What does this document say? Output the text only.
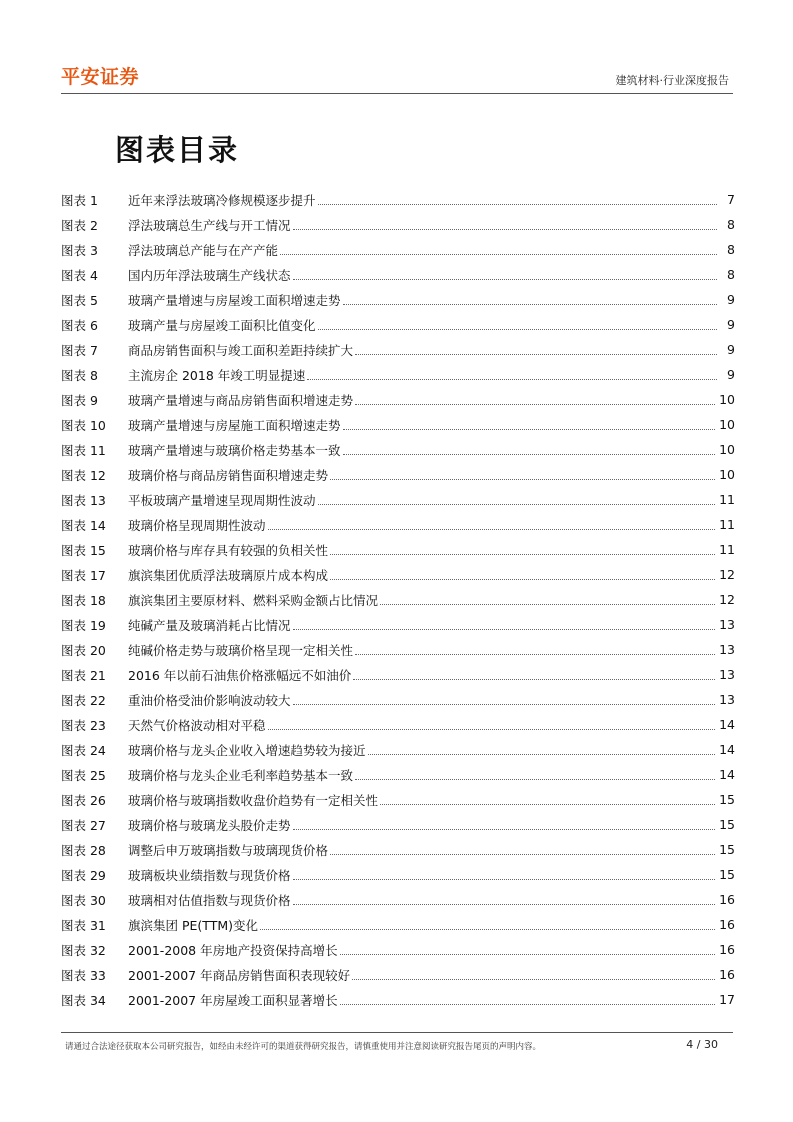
平安证券	建筑材料·行业深度报告
图表目录
图表 1	近年来浮法玻璃冷修规模逐步提升	7
图表 2	浮法玻璃总生产线与开工情况	8
图表 3	浮法玻璃总产能与在产产能	8
图表 4	国内历年浮法玻璃生产线状态	8
图表 5	玻璃产量增速与房屋竣工面积增速走势	9
图表 6	玻璃产量与房屋竣工面积比值变化	9
图表 7	商品房销售面积与竣工面积差距持续扩大	9
图表 8	主流房企 2018 年竣工明显提速	9
图表 9	玻璃产量增速与商品房销售面积增速走势	10
图表 10	玻璃产量增速与房屋施工面积增速走势	10
图表 11	玻璃产量增速与玻璃价格走势基本一致	10
图表 12	玻璃价格与商品房销售面积增速走势	10
图表 13	平板玻璃产量增速呈现周期性波动	11
图表 14	玻璃价格呈现周期性波动	11
图表 15	玻璃价格与库存具有较强的负相关性	11
图表 17	旗滨集团优质浮法玻璃原片成本构成	12
图表 18	旗滨集团主要原材料、燃料采购金额占比情况	12
图表 19	纯碱产量及玻璃消耗占比情况	13
图表 20	纯碱价格走势与玻璃价格呈现一定相关性	13
图表 21	2016 年以前石油焦价格涨幅远不如油价	13
图表 22	重油价格受油价影响波动较大	13
图表 23	天然气价格波动相对平稳	14
图表 24	玻璃价格与龙头企业收入增速趋势较为接近	14
图表 25	玻璃价格与龙头企业毛利率趋势基本一致	14
图表 26	玻璃价格与玻璃指数收盘价趋势有一定相关性	15
图表 27	玻璃价格与玻璃龙头股价走势	15
图表 28	调整后申万玻璃指数与玻璃现货价格	15
图表 29	玻璃板块业绩指数与现货价格	15
图表 30	玻璃相对估值指数与现货价格	16
图表 31	旗滨集团 PE(TTM)变化	16
图表 32	2001-2008 年房地产投资保持高增长	16
图表 33	2001-2007 年商品房销售面积表现较好	16
图表 34	2001-2007 年房屋竣工面积显著增长	17
请通过合法途径获取本公司研究报告，如经由未经许可的渠道获得研究报告，请慎重使用并注意阅读研究报告尾页的声明内容。	4 / 30
